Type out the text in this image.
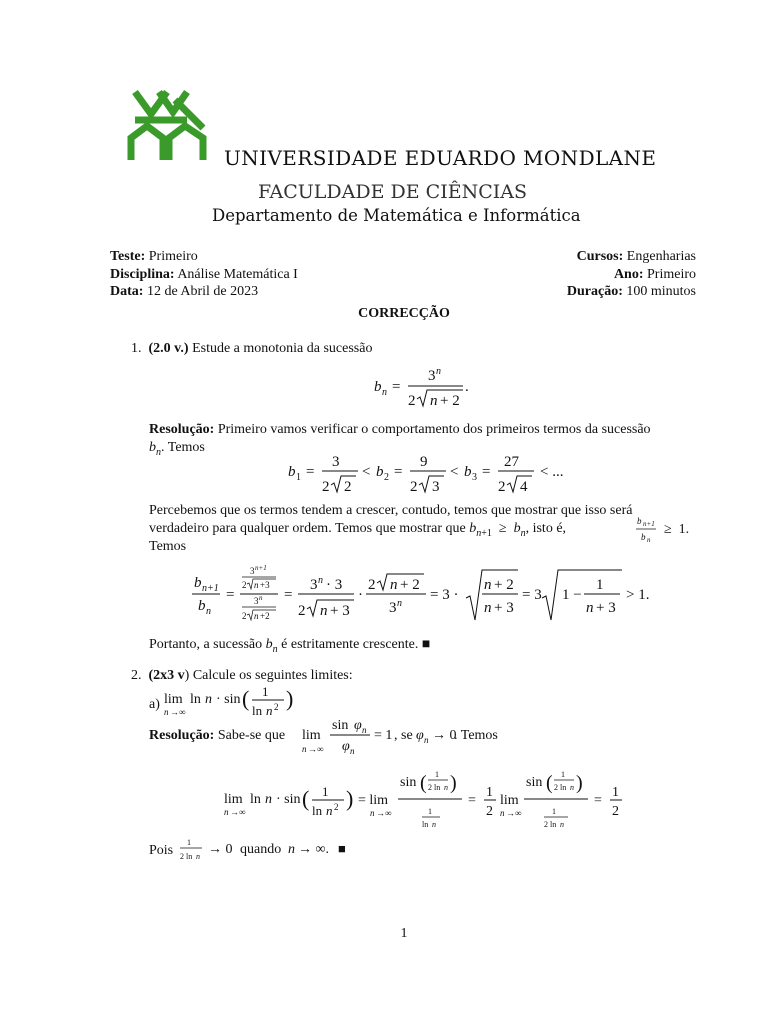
UNIVERSIDADE EDUARDO MONDLANE
FACULDADE DE CIÊNCIAS
Departamento de Matemática e Informática
Teste: Primeiro
Disciplina: Análise Matemática I
Data: 12 de Abril de 2023
Cursos: Engenharias
Ano: Primeiro
Duração: 100 minutos
CORRECÇÃO
1. (2.0 v.) Estude a monotonia da sucessão
b n =
3 n
2 n + 2
.
Resolução: Primeiro vamos verificar o comportamento dos primeiros termos da sucessão
$b_n$. Temos
b 1 =
3
2 2
< b 2 =
9
2 3
< b 3 =
27
2 4
< ...
Percebemos que os termos tendem a crescer, contudo, temos que mostrar que isso será
verdadeiro para qualquer ordem. Temos que mostrar que $b_{n+1} \ge b_n$, isto é,	b n+1
b n
≥  1.
Temos
b n+1
b n
=
3 n+1
2 n +3
3 n
2 n +2
=
3 n · 3
2 n + 3
·
2 n + 2
3 n
= 3 ·
n + 2
n + 3
= 3 1 −
1
n + 3
> 1.
Portanto, a sucessão $b_n$ é estritamente crescente. ■
2. (2x3 v) Calcule os seguintes limites:
a) lim
n →∞
ln n · sin ( 1
ln n 2 )
Resolução: Sabe-se que lim
n →∞
sin φ n
φ n
= 1 , se φ n → 0
. Temos
lim
n →∞
ln n · sin ( 1
ln n 2 ) = lim
n →∞
sin ( 1
2 ln n )
1
ln n
=
1
2
lim
n →∞
sin ( 1
2 ln n )
1
2 ln n
=
1
2
Pois
1
2 ln n → 0 quando n → ∞. ■
1
